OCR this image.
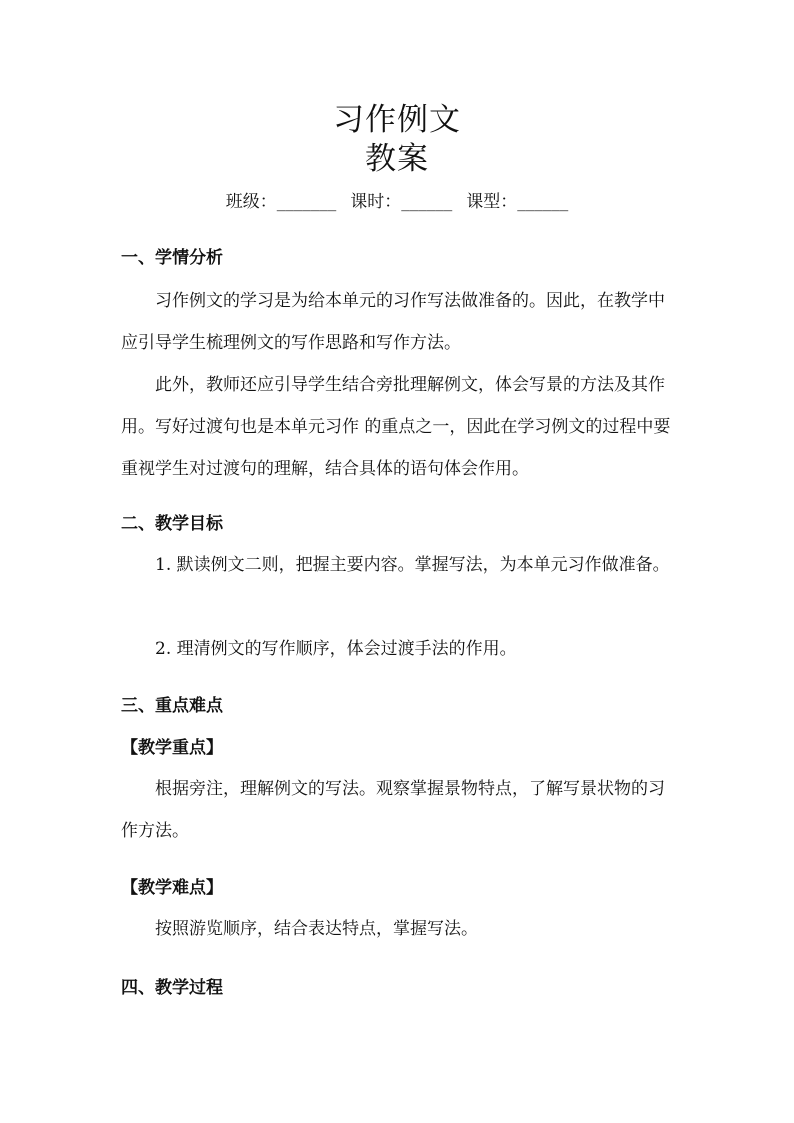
习作例文
教案
班级：_______ 课时：______ 课型：______
一、学情分析
习作例文的学习是为给本单元的习作写法做准备的。因此，在教学中应引导学生梳理例文的写作思路和写作方法。
此外，教师还应引导学生结合旁批理解例文，体会写景的方法及其作用。写好过渡句也是本单元习作 的重点之一，因此在学习例文的过程中要重视学生对过渡句的理解，结合具体的语句体会作用。
二、教学目标
1. 默读例文二则，把握主要内容。掌握写法，为本单元习作做准备。
2. 理清例文的写作顺序，体会过渡手法的作用。
三、重点难点
【教学重点】
根据旁注，理解例文的写法。观察掌握景物特点，了解写景状物的习作方法。
【教学难点】
按照游览顺序，结合表达特点，掌握写法。
四、教学过程
